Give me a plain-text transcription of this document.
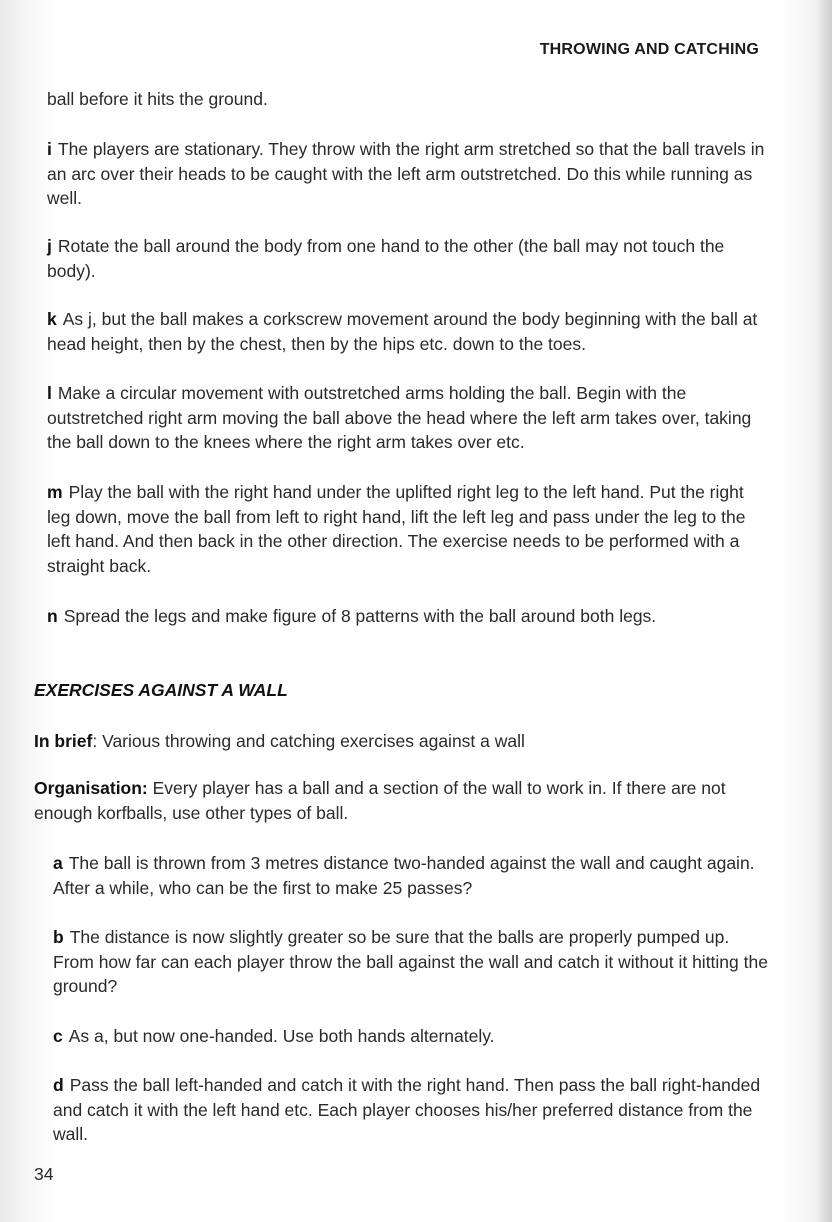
THROWING AND CATCHING

ball before it hits the ground.

i The players are stationary. They throw with the right arm stretched so that the ball travels in an arc over their heads to be caught with the left arm outstretched. Do this while running as well.

j Rotate the ball around the body from one hand to the other (the ball may not touch the body).

k As j, but the ball makes a corkscrew movement around the body beginning with the ball at head height, then by the chest, then by the hips etc. down to the toes.

l Make a circular movement with outstretched arms holding the ball. Begin with the outstretched right arm moving the ball above the head where the left arm takes over, taking the ball down to the knees where the right arm takes over etc.

m Play the ball with the right hand under the uplifted right leg to the left hand. Put the right leg down, move the ball from left to right hand, lift the left leg and pass under the leg to the left hand. And then back in the other direction. The exercise needs to be performed with a straight back.

n Spread the legs and make figure of 8 patterns with the ball around both legs.

EXERCISES AGAINST A WALL
In brief: Various throwing and catching exercises against a wall
Organisation: Every player has a ball and a section of the wall to work in. If there are not enough korfballs, use other types of ball.

a The ball is thrown from 3 metres distance two-handed against the wall and caught again. After a while, who can be the first to make 25 passes?

b The distance is now slightly greater so be sure that the balls are properly pumped up. From how far can each player throw the ball against the wall and catch it without it hitting the ground?

c As a, but now one-handed. Use both hands alternately.

d Pass the ball left-handed and catch it with the right hand. Then pass the ball right-handed and catch it with the left hand etc. Each player chooses his/her preferred distance from the wall.

34
